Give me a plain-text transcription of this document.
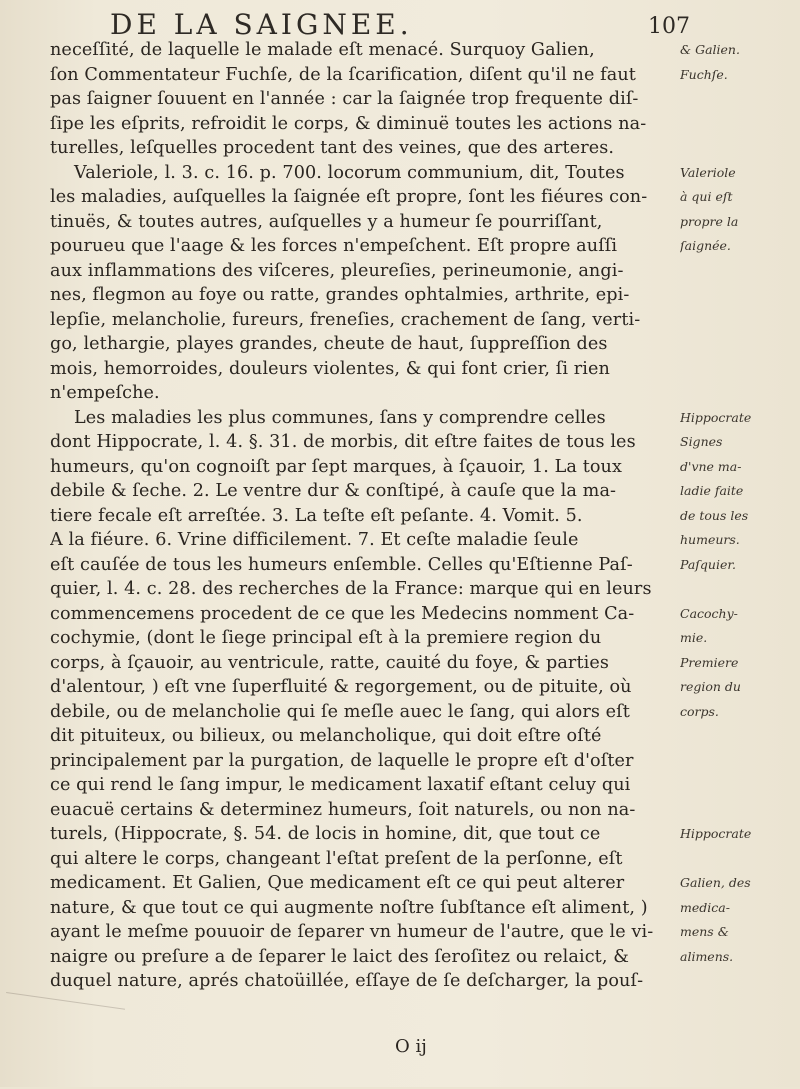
DE LA SAIGNEE.	107
neceſſité, de laquelle le malade eſt menacé. Surquoy Galien,
ſon Commentateur Fuchſe, de la ſcarification, diſent qu'il ne faut
pas ſaigner ſouuent en l'année : car la ſaignée trop frequente diſ-
ſipe les eſprits, refroidit le corps, & diminuë toutes les actions na-
turelles, leſquelles procedent tant des veines, que des arteres.
Valeriole, l. 3. c. 16. p. 700. locorum communium, dit, Toutes
les maladies, auſquelles la ſaignée eſt propre, ſont les fiéures con-
tinuës, & toutes autres, auſquelles y a humeur ſe pourriſſant,
pourueu que l'aage & les forces n'empeſchent. Eſt propre auſſi
aux inflammations des viſceres, pleureſies, perineumonie, angi-
nes, flegmon au foye ou ratte, grandes ophtalmies, arthrite, epi-
lepſie, melancholie, fureurs, freneſies, crachement de ſang, verti-
go, lethargie, playes grandes, cheute de haut, ſuppreſſion des
mois, hemorroides, douleurs violentes, & qui font crier, ſi rien
n'empeſche.
Les maladies les plus communes, ſans y comprendre celles
dont Hippocrate, l. 4. §. 31. de morbis, dit eſtre faites de tous les
humeurs, qu'on cognoiſt par ſept marques, à ſçauoir, 1. La toux
debile & ſeche. 2. Le ventre dur & conſtipé, à cauſe que la ma-
tiere fecale eſt arreſtée. 3. La teſte eſt peſante. 4. Vomit. 5.
A la fiéure. 6. Vrine difficilement. 7. Et ceſte maladie ſeule
eſt cauſée de tous les humeurs enſemble. Celles qu'Eſtienne Paſ-
quier, l. 4. c. 28. des recherches de la France: marque qui en leurs
commencemens procedent de ce que les Medecins nomment Ca-
cochymie, (dont le ſiege principal eſt à la premiere region du
corps, à ſçauoir, au ventricule, ratte, cauité du foye, & parties
d'alentour, ) eſt vne ſuperfluité & regorgement, ou de pituite, où
debile, ou de melancholie qui ſe meſle auec le ſang, qui alors eſt
dit pituiteux, ou bilieux, ou melancholique, qui doit eſtre oſté
principalement par la purgation, de laquelle le propre eſt d'oſter
ce qui rend le ſang impur, le medicament laxatif eſtant celuy qui
euacuë certains & determinez humeurs, ſoit naturels, ou non na-
turels, (Hippocrate, §. 54. de locis in homine, dit, que tout ce
qui altere le corps, changeant l'eſtat preſent de la perſonne, eſt
medicament. Et Galien, Que medicament eſt ce qui peut alterer
nature, & que tout ce qui augmente noſtre ſubſtance eſt aliment, )
ayant le meſme pouuoir de ſeparer vn humeur de l'autre, que le vi-
naigre ou preſure a de ſeparer le laict des ſeroſitez ou relaict, &
duquel nature, aprés chatoüillée, eſſaye de ſe deſcharger, la pouſ-
& Galien.
Fuchſe.
Valeriole
à qui eſt
propre la
ſaignée.
Hippocrate
Signes
d'vne ma-
ladie faite
de tous les
humeurs.
Paſquier.
Cacochy-
mie.
Premiere
region du
corps.
Hippocrate
Galien, des
medica-
mens &
alimens.
O ij
